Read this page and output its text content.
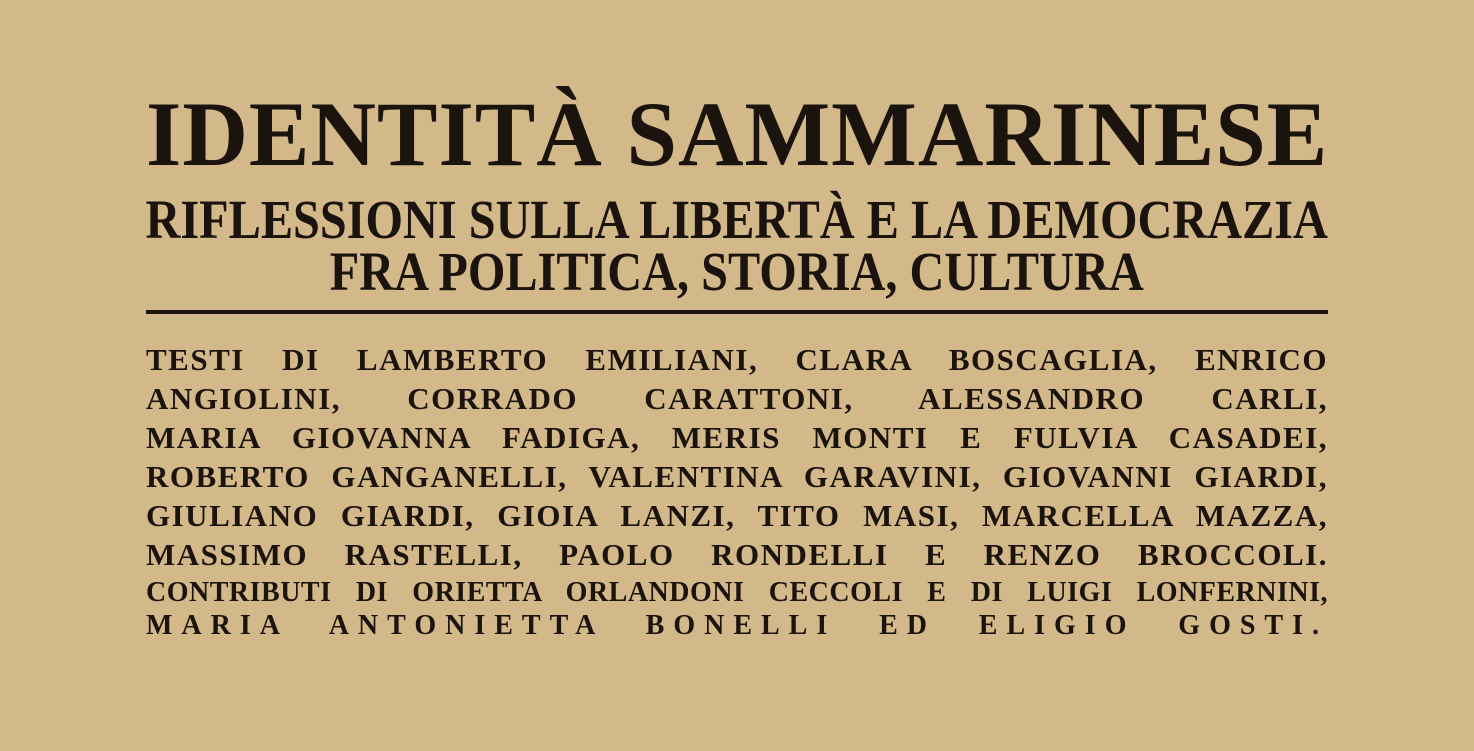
IDENTITÀ SAMMARINESE
RIFLESSIONI SULLA LIBERTÀ E LA DEMOCRAZIA
FRA POLITICA, STORIA, CULTURA
TESTI DI LAMBERTO EMILIANI, CLARA BOSCAGLIA, ENRICO
ANGIOLINI, CORRADO CARATTONI, ALESSANDRO CARLI,
MARIA GIOVANNA FADIGA, MERIS MONTI E FULVIA CASADEI,
ROBERTO GANGANELLI, VALENTINA GARAVINI, GIOVANNI GIARDI,
GIULIANO GIARDI, GIOIA LANZI, TITO MASI, MARCELLA MAZZA,
MASSIMO RASTELLI, PAOLO RONDELLI E RENZO BROCCOLI.
CONTRIBUTI DI ORIETTA ORLANDONI CECCOLI E DI LUIGI LONFERNINI,
MARIA ANTONIETTA BONELLI ED ELIGIO GOSTI.
